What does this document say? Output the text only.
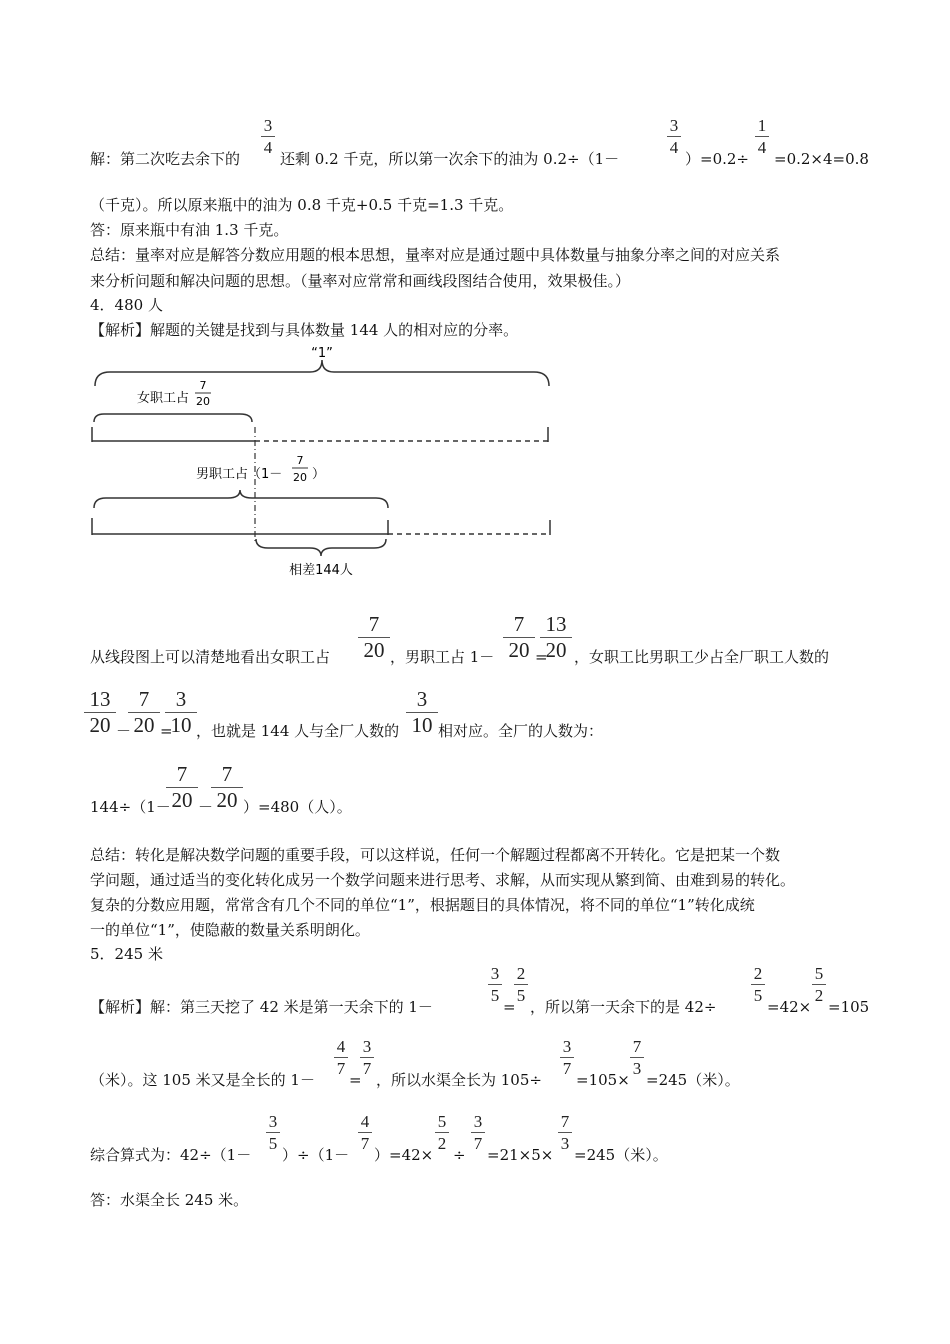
解：第二次吃去余下的
3
4
还剩 0.2 千克，所以第一次余下的油为 0.2÷（1－
3
4
）=0.2÷
1
4
=0.2×4=0.8
（千克）。所以原来瓶中的油为 0.8 千克+0.5 千克=1.3 千克。
答：原来瓶中有油 1.3 千克。
总结：量率对应是解答分数应用题的根本思想，量率对应是通过题中具体数量与抽象分率之间的对应关系
来分析问题和解决问题的思想。（量率对应常常和画线段图结合使用，效果极佳。）
4．480 人
【解析】解题的关键是找到与具体数量 144 人的相对应的分率。
“1”
女职工占
7
20
男职工占（1－
7
20 ）
相差144人
从线段图上可以清楚地看出女职工占
7
20 ，男职工占 1－
7
20 =
13
20 ，女职工比男职工少占全厂职工人数的
13
20 －
7
20 =
3
10 ，也就是 144 人与全厂人数的
3
10 相对应。全厂的人数为：
144÷（1－
7
20 －
7
20 ）=480（人）。
总结：转化是解决数学问题的重要手段，可以这样说，任何一个解题过程都离不开转化。它是把某一个数
学问题，通过适当的变化转化成另一个数学问题来进行思考、求解，从而实现从繁到简、由难到易的转化。
复杂的分数应用题，常常含有几个不同的单位“1”，根据题目的具体情况，将不同的单位“1”转化成统
一的单位“1”，使隐蔽的数量关系明朗化。
5．245 米
【解析】解：第三天挖了 42 米是第一天余下的 1－
3
5
=
2
5
，所以第一天余下的是 42÷
2
5
=42×
5
2
=105
（米）。这 105 米又是全长的 1－
4
7
=
3
7
，所以水渠全长为 105÷
3
7
=105×
7
3
=245（米）。
综合算式为：42÷（1－
3
5
）÷（1－
4
7
）=42×
5
2
÷
3
7
=21×5×
7
3
=245（米）。
答：水渠全长 245 米。
